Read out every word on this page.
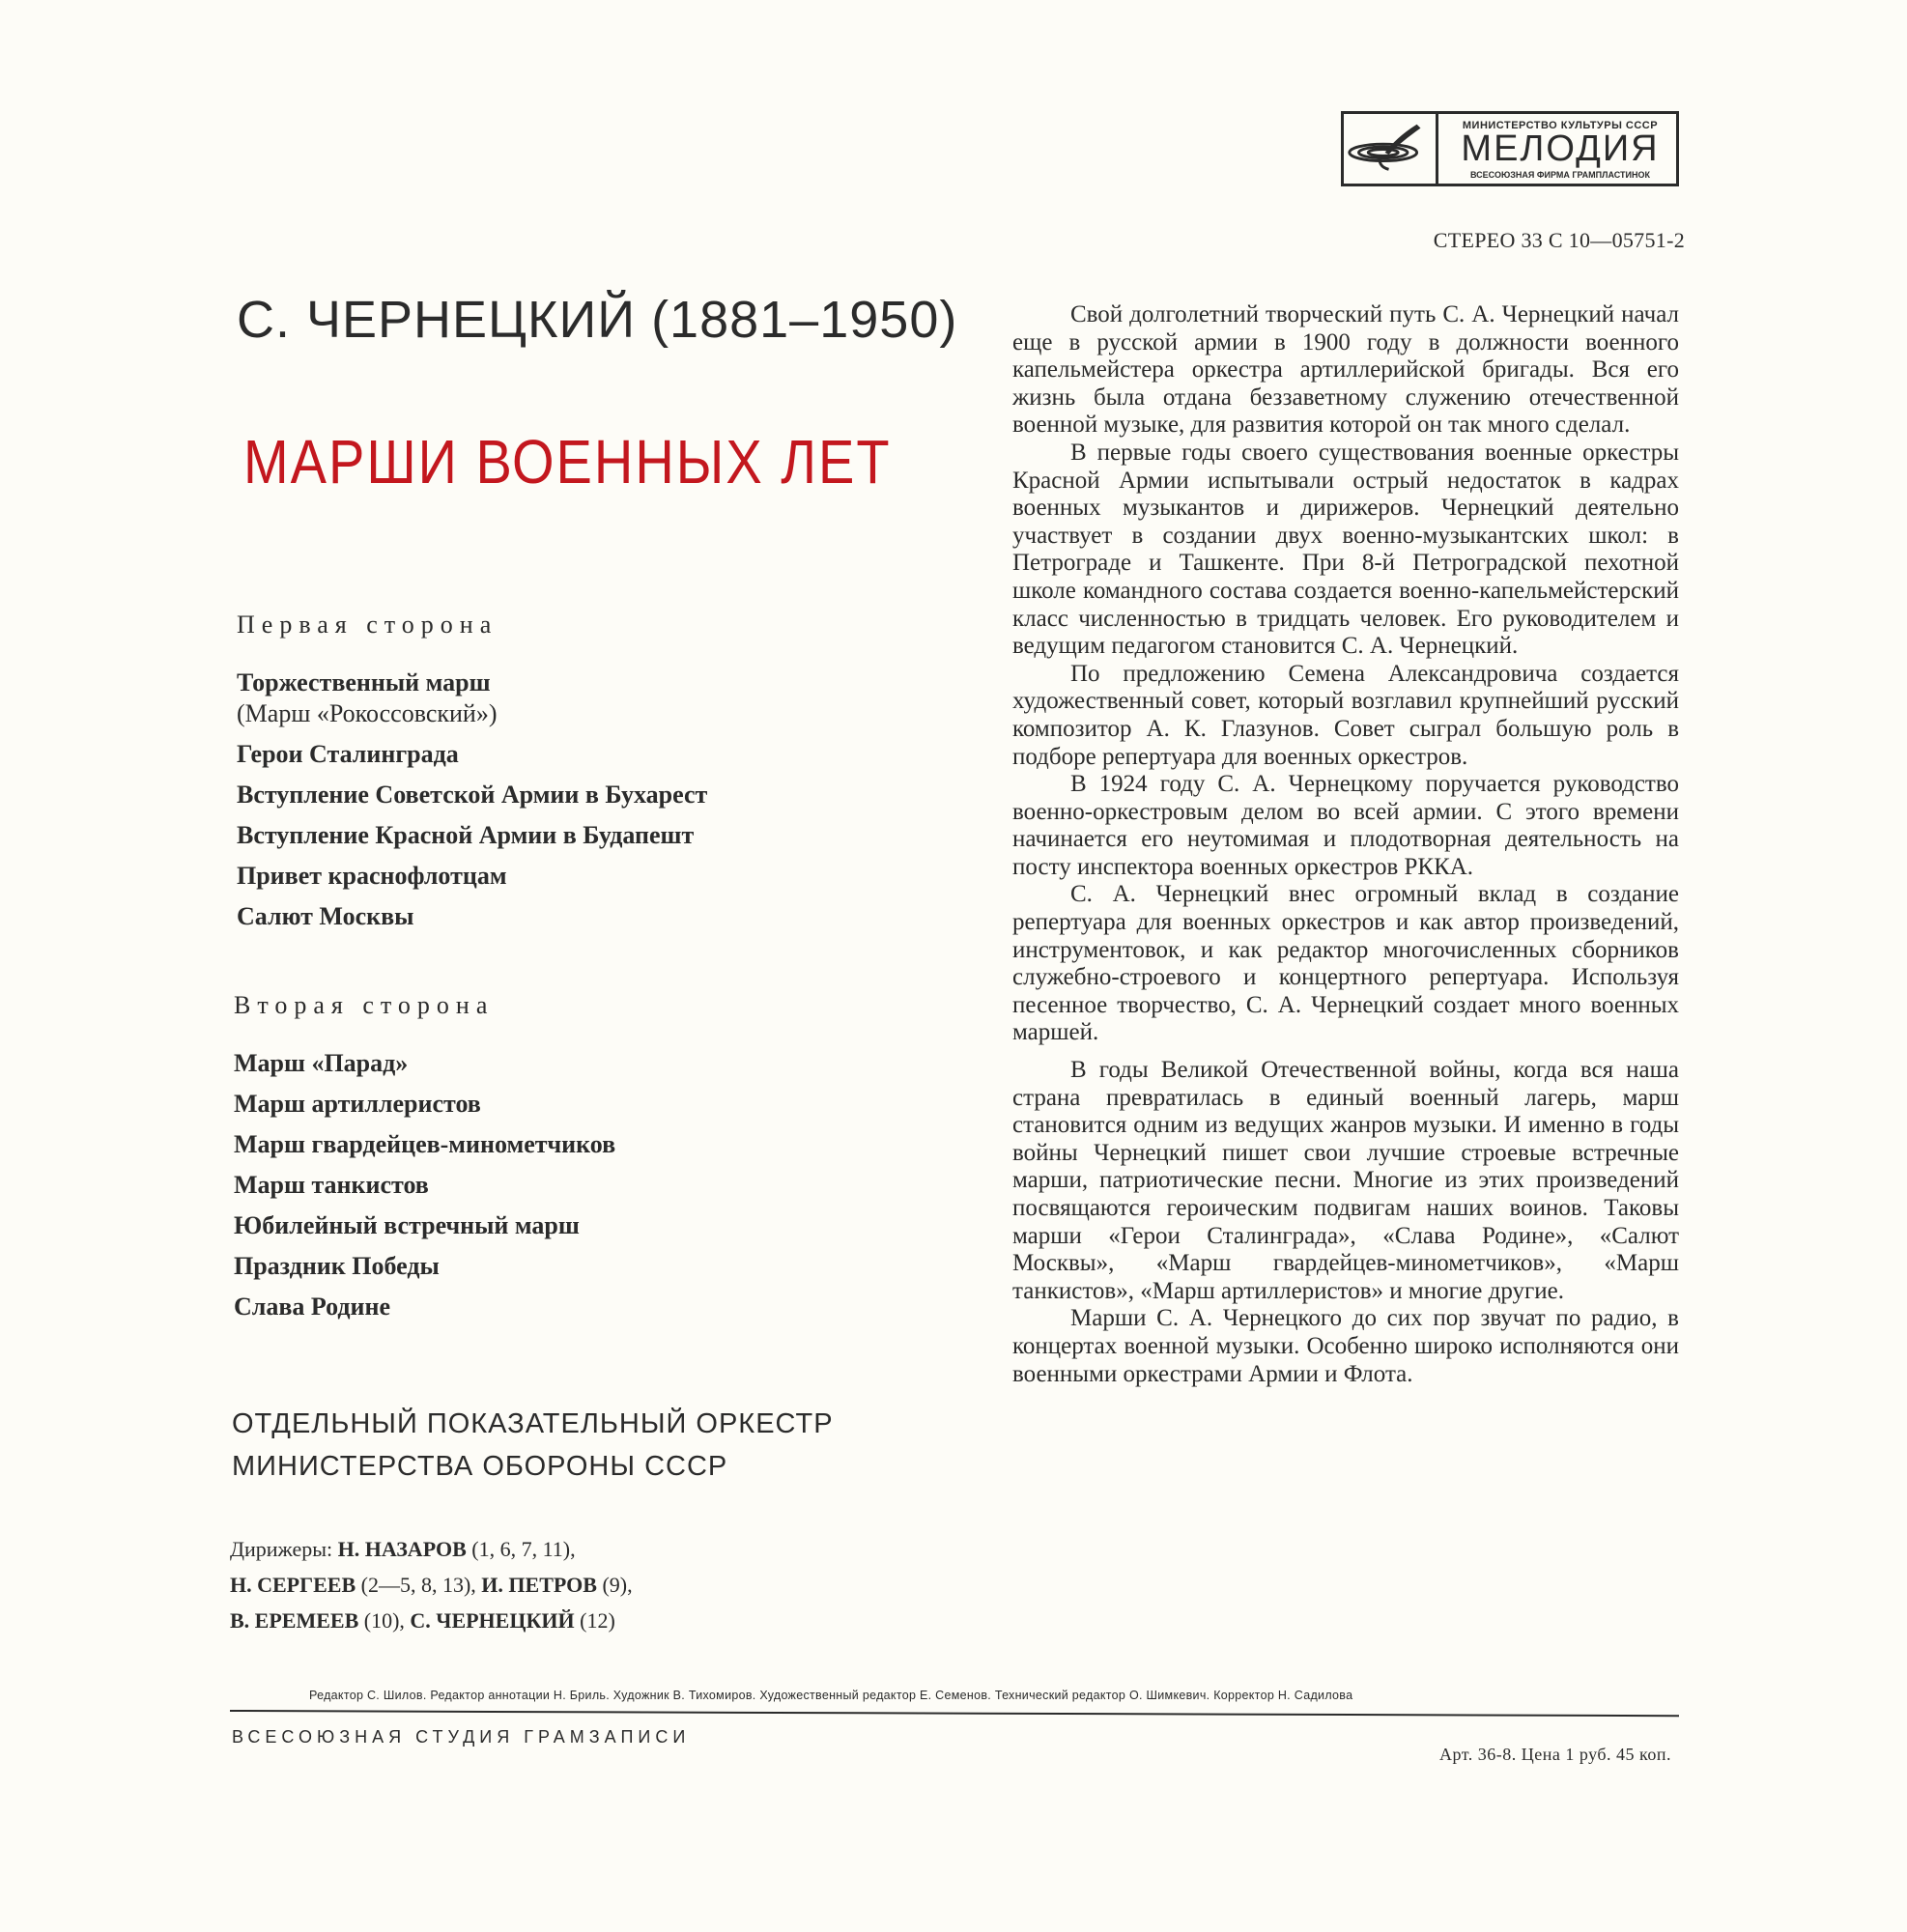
МИНИСТЕРСТВО КУЛЬТУРЫ СССР
МЕЛОДИЯ
ВСЕСОЮЗНАЯ ФИРМА ГРАМПЛАСТИНОК
СТЕРЕО 33 С 10—05751-2
С. ЧЕРНЕЦКИЙ (1881–1950)
МАРШИ ВОЕННЫХ ЛЕТ
Первая сторона
Торжественный марш
(Марш «Рокоссовский»)
Герои Сталинграда
Вступление Советской Армии в Бухарест
Вступление Красной Армии в Будапешт
Привет краснофлотцам
Салют Москвы
Вторая сторона
Марш «Парад»
Марш артиллеристов
Марш гвардейцев-минометчиков
Марш танкистов
Юбилейный встречный марш
Праздник Победы
Слава Родине
ОТДЕЛЬНЫЙ ПОКАЗАТЕЛЬНЫЙ ОРКЕСТР
МИНИСТЕРСТВА ОБОРОНЫ СССР
Дирижеры: Н. НАЗАРОВ (1, 6, 7, 11),
Н. СЕРГЕЕВ (2—5, 8, 13), И. ПЕТРОВ (9),
В. ЕРЕМЕЕВ (10), С. ЧЕРНЕЦКИЙ (12)

Свой долголетний творческий путь С. А. Чернецкий начал еще в русской армии в 1900 году в должности военного капельмейстера оркестра артиллерийской бригады. Вся его жизнь была отдана беззаветному служению отечественной военной музыке, для развития которой он так много сделал.

В первые годы своего существования военные оркестры Красной Армии испытывали острый недостаток в кадрах военных музыкантов и дирижеров. Чернецкий деятельно участвует в создании двух военно-музыкантских школ: в Петрограде и Ташкенте. При 8-й Петроградской пехотной школе командного состава создается военно-капельмейстерский класс численностью в тридцать человек. Его руководителем и ведущим педагогом становится С. А. Чернецкий.

По предложению Семена Александровича создается художественный совет, который возглавил крупнейший русский композитор А. К. Глазунов. Совет сыграл большую роль в подборе репертуара для военных оркестров.

В 1924 году С. А. Чернецкому поручается руководство военно-оркестровым делом во всей армии. С этого времени начинается его неутомимая и плодотворная деятельность на посту инспектора военных оркестров РККА.

С. А. Чернецкий внес огромный вклад в создание репертуара для военных оркестров и как автор произведений, инструментовок, и как редактор многочисленных сборников служебно-строевого и концертного репертуара. Используя песенное творчество, С. А. Чернецкий создает много военных маршей.

В годы Великой Отечественной войны, когда вся наша страна превратилась в единый военный лагерь, марш становится одним из ведущих жанров музыки. И именно в годы войны Чернецкий пишет свои лучшие строевые встречные марши, патриотические песни. Многие из этих произведений посвящаются героическим подвигам наших воинов. Таковы марши «Герои Сталинграда», «Слава Родине», «Салют Москвы», «Марш гвардейцев-минометчиков», «Марш танкистов», «Марш артиллеристов» и многие другие.

Марши С. А. Чернецкого до сих пор звучат по радио, в концертах военной музыки. Особенно широко исполняются они военными оркестрами Армии и Флота.

Редактор С. Шилов. Редактор аннотации Н. Бриль. Художник В. Тихомиров. Художественный редактор Е. Семенов. Технический редактор О. Шимкевич. Корректор Н. Садилова
ВСЕСОЮЗНАЯ СТУДИЯ ГРАМЗАПИСИ
Арт. 36-8. Цена 1 руб. 45 коп.
